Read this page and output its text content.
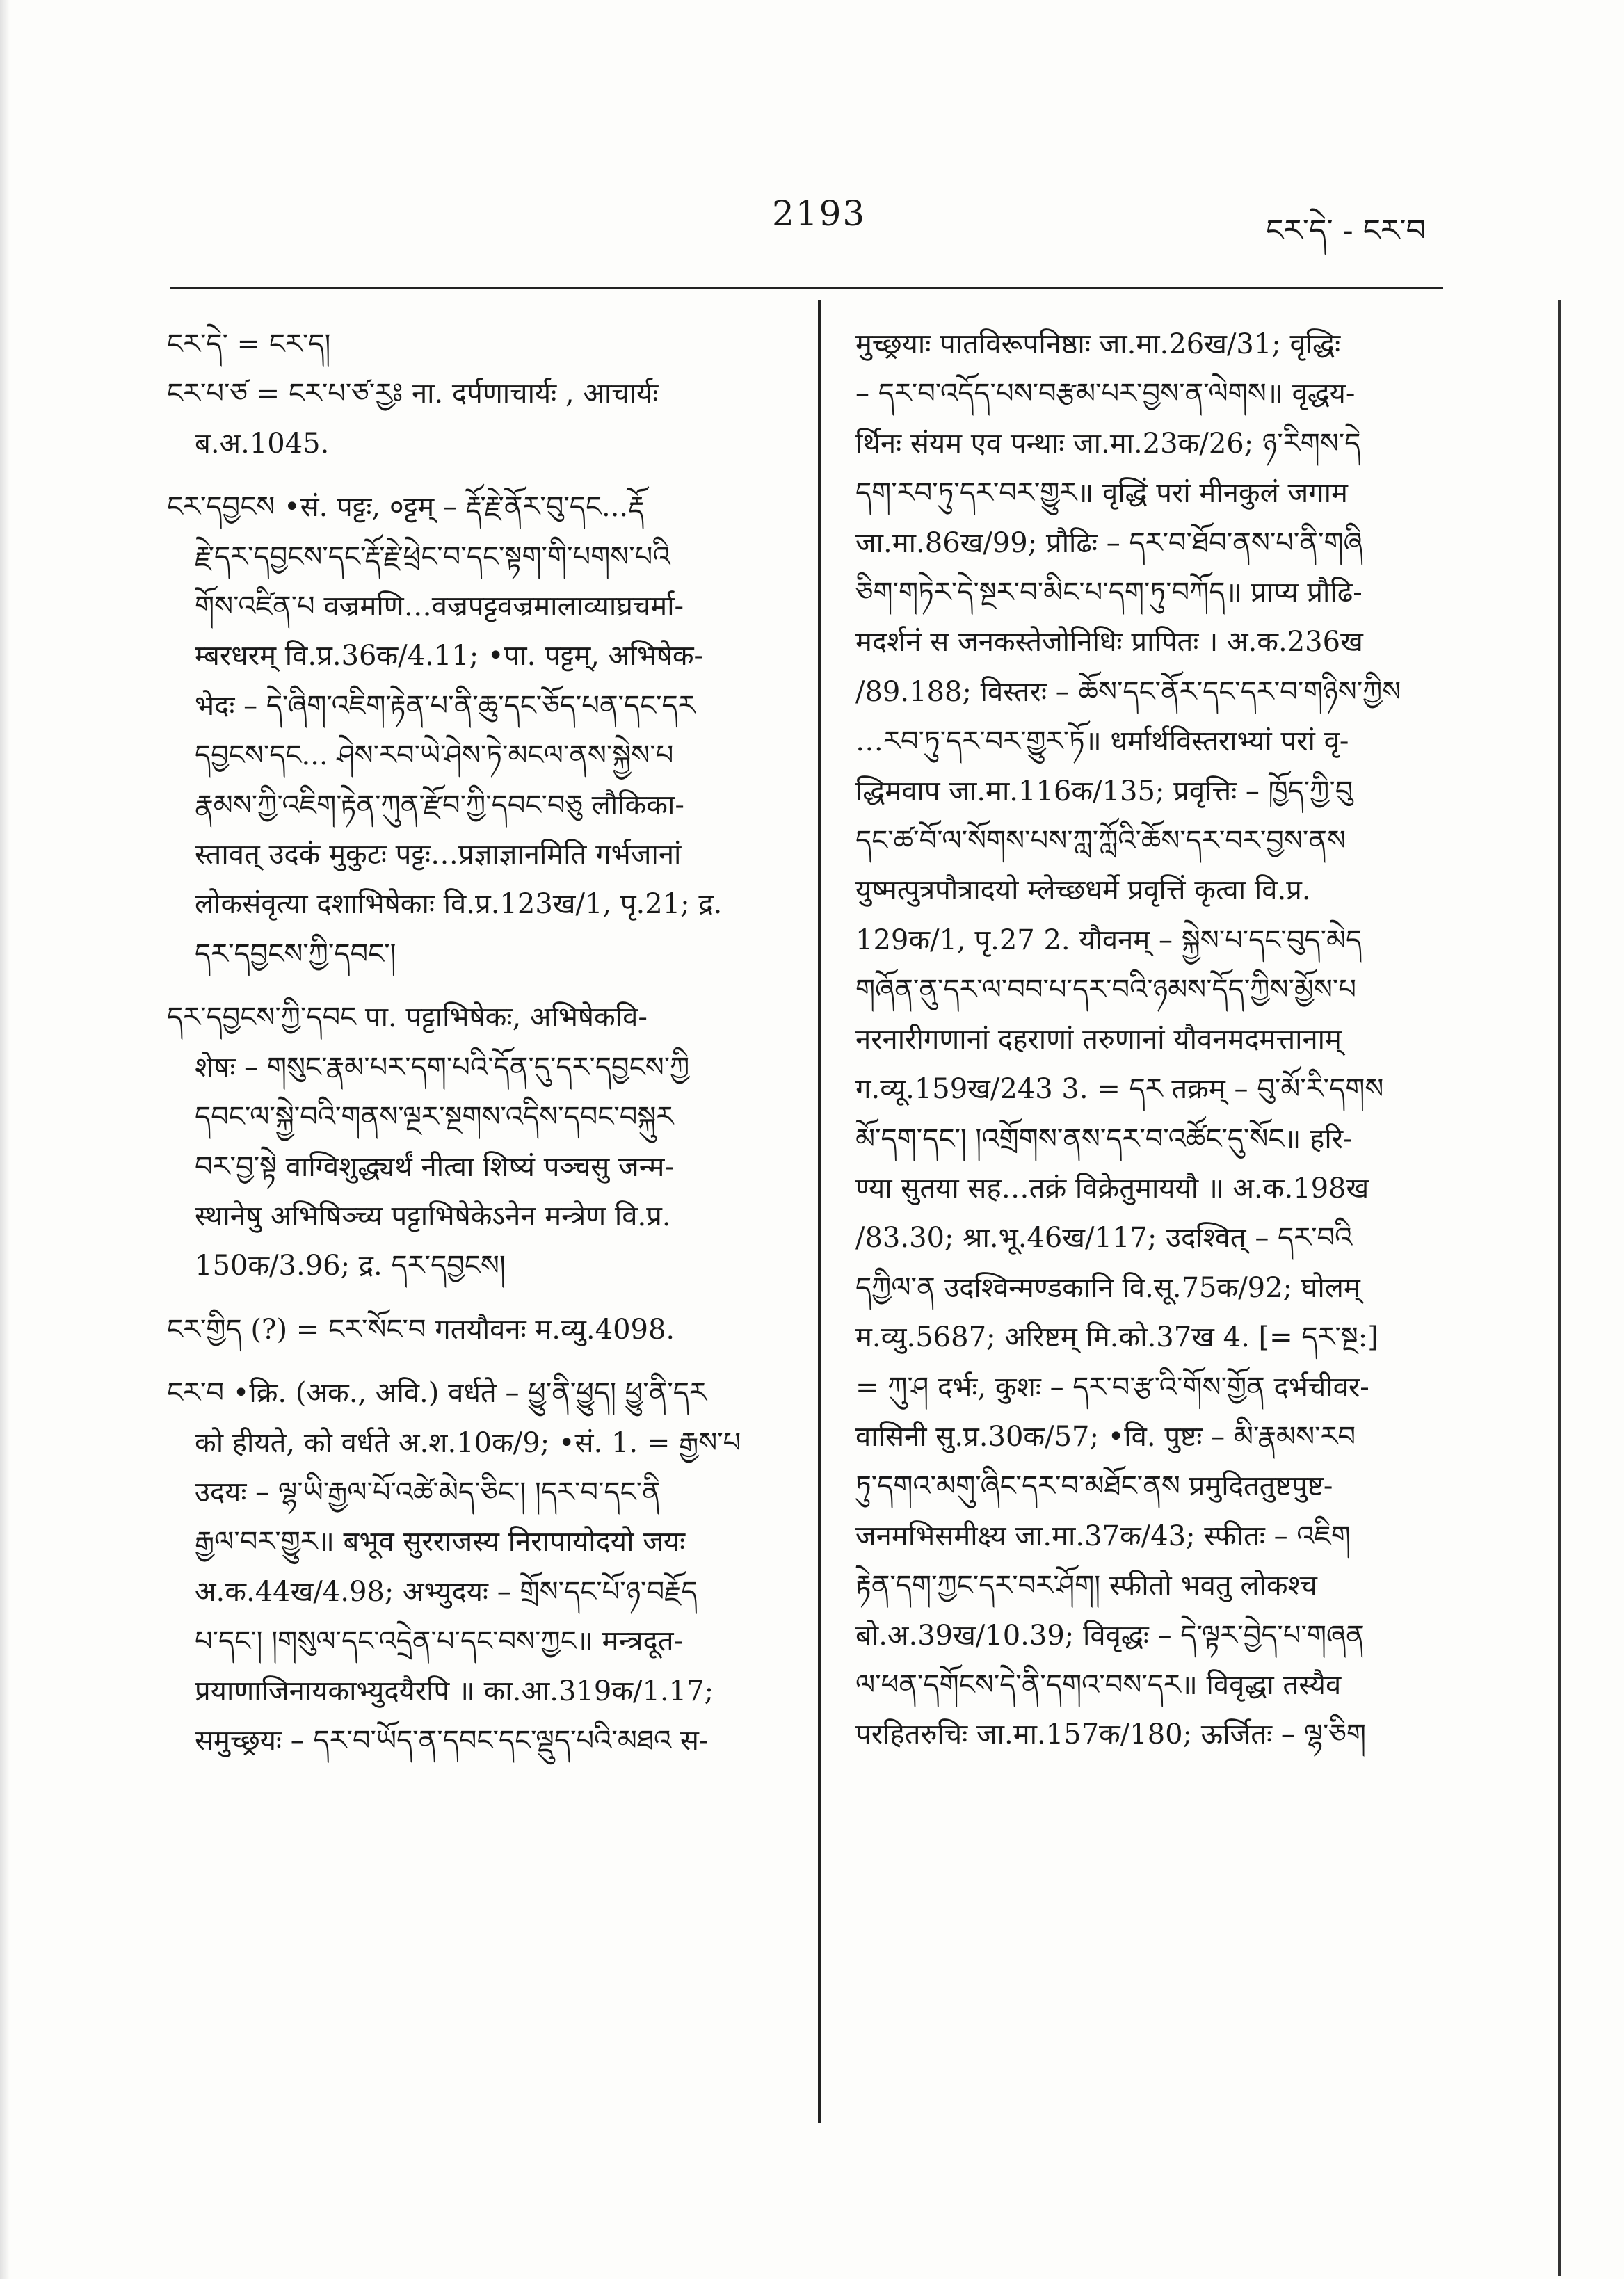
2193	ངར་དེ་ - ངར་བ
ངར་དེ་ = ངར་ད།
ངར་པ་ཙ = ངར་པ་ཙ་རྱཿ ना. दर्पणाचार्यः , आचार्यः
ब.अ.1045.
ངར་དབྱངས •सं. पट्टः, ०ट्टम् – རྡོ་རྗེ་ནོར་བུ་དང...རྡོ
རྗེ་དར་དབྱངས་དང་རྡོ་རྗེ་ཕྲེང་བ་དང་སྟག་གི་པགས་པའི
གོས་འཛིན་པ वज्रमणि…वज्रपट्टवज्रमालाव्याघ्रचर्मा-
म्बरधरम् वि.प्र.36क/4.11; •पा. पट्टम्, अभिषेक-
भेदः – དེ་ཞིག་འཇིག་རྟེན་པ་ནི་ཆུ་དང་ཅོད་པན་དང་དར
དབྱངས་དང... ཤེས་རབ་ཡེ་ཤེས་ཏེ་མངལ་ནས་སྐྱེས་པ
རྣམས་ཀྱི་འཇིག་རྟེན་ཀུན་རྫོབ་ཀྱི་དབང་བཅུ लौकिका-
स्तावत् उदकं मुकुटः पट्टः…प्रज्ञाज्ञानमिति गर्भजानां
लोकसंवृत्या दशाभिषेकाः वि.प्र.123ख/1, पृ.21; द्र.
དར་དབྱངས་ཀྱི་དབང་།
དར་དབྱངས་ཀྱི་དབང पा. पट्टाभिषेकः, अभिषेकवि-
शेषः – གསུང་རྣམ་པར་དག་པའི་དོན་དུ་དར་དབྱངས་ཀྱི
དབང་ལ་སྐྱེ་བའི་གནས་ལྔར་སྔགས་འདིས་དབང་བསྐུར
བར་བྱ་སྟེ वाग्विशुद्ध्यर्थं नीत्वा शिष्यं पञ्चसु जन्म-
स्थानेषु अभिषिञ्च्य पट्टाभिषेकेऽनेन मन्त्रेण वि.प्र.
150क/3.96; द्र. དར་དབྱངས།
ངར་གྱིད (?) = ངར་སོང་བ गतयौवनः म.व्यु.4098.
ངར་བ •क्रि. (अक., अवि.) वर्धते – ཕྱུ་ནི་ཕྱུད། ཕྱུ་ནི་དར
को हीयते, को वर्धते अ.श.10क/9; •सं. 1. = རྒྱས་པ
उदयः – ལྷ་ཡི་རྒྱལ་པོ་འཚེ་མེད་ཅིང་། །དར་བ་དང་ནི
རྒྱལ་བར་གྱུར॥ बभूव सुरराजस्य निरापायोदयो जयः
अ.क.44ख/4.98; अभ्युदयः – གྲོས་དང་པོ་ཉ་བརྗོད
པ་དང་། །གསུལ་དང་འདྲེན་པ་དང་བས་ཀྱང॥ मन्त्रदूत-
प्रयाणाजिनायकाभ्युदयैरपि ॥ का.आ.319क/1.17;
समुच्छ्रयः – དར་བ་ཡོད་ན་དབང་དང་ལྡུད་པའི་མཐའ स-
मुच्छ्रयाः पातविरूपनिष्ठाः जा.मा.26ख/31; वृद्धिः
– དར་བ་འདོད་པས་བརྩམ་པར་བྱས་ན་ལེགས॥ वृद्धय-
र्थिनः संयम एव पन्थाः जा.मा.23क/26; ཉ་རིགས་དེ
དག་རབ་ཏུ་དར་བར་གྱུར॥ वृद्धिं परां मीनकुलं जगाम
जा.मा.86ख/99; प्रौढिः – དར་བ་ཐོབ་ནས་པ་ནི་གཞི
ཅིག་གཏེར་དེ་སྔར་བ་མིང་པ་དག་ཏུ་བཀོད॥ प्राप्य प्रौढि-
मदर्शनं स जनकस्तेजोनिधिः प्रापितः । अ.क.236ख
/89.188; विस्तरः – ཆོས་དང་ནོར་དང་དར་བ་གཉིས་ཀྱིས
…རབ་ཏུ་དར་བར་གྱུར་ཏོ॥ धर्मार्थविस्तराभ्यां परां वृ-
द्धिमवाप जा.मा.116क/135; प्रवृत्तिः – ཁྱོད་ཀྱི་བུ
དང་ཚ་བོ་ལ་སོགས་པས་ཀླ་ཀློའི་ཆོས་དར་བར་བྱས་ནས
युष्मत्पुत्रपौत्रादयो म्लेच्छधर्मे प्रवृत्तिं कृत्वा वि.प्र.
129क/1, पृ.27 2. यौवनम् – སྐྱེས་པ་དང་བུད་མེད
གཞོན་ནུ་དར་ལ་བབ་པ་དར་བའི་ཉམས་དོད་ཀྱིས་མྱོས་པ
नरनारीगणानां दहराणां तरुणानां यौवनमदमत्तानाम्
ग.व्यू.159ख/243 3. = དར तक्रम् – བུ་མོ་རི་དགས
མོ་དག་དང་། །འགྲོགས་ནས་དར་བ་འཚོང་དུ་སོང॥ हरि-
ण्या सुतया सह…तक्रं विक्रेतुमाययौ ॥ अ.क.198ख
/83.30; श्रा.भू.46ख/117; उदश्वित् – དར་བའི
དཀྱིལ་ན उदश्विन्मण्डकानि वि.सू.75क/92; घोलम्
म.व्यु.5687; अरिष्टम् मि.को.37ख 4. [= དར་སྔ:]
= ཀུ་ཤ दर्भः, कुशः – དར་བ་རྩ་འི་གོས་གྱོན दर्भचीवर-
वासिनी सु.प्र.30क/57; •वि. पुष्टः – མི་རྣམས་རབ
ཏུ་དགའ་མགུ་ཞིང་དར་བ་མཐོང་ནས प्रमुदिततुष्टपुष्ट-
जनमभिसमीक्ष्य जा.मा.37क/43; स्फीतः – འཇིག
རྟེན་དག་ཀྱང་དར་བར་ཤོག། स्फीतो भवतु लोकश्च
बो.अ.39ख/10.39; विवृद्धः – དེ་ལྟར་བྱེད་པ་གཞན
ལ་ཕན་དགོངས་དེ་ནི་དགའ་བས་དར॥ विवृद्धा तस्यैव
परहितरुचिः जा.मा.157क/180; ऊर्जितः – ལྷ་ཅིག
